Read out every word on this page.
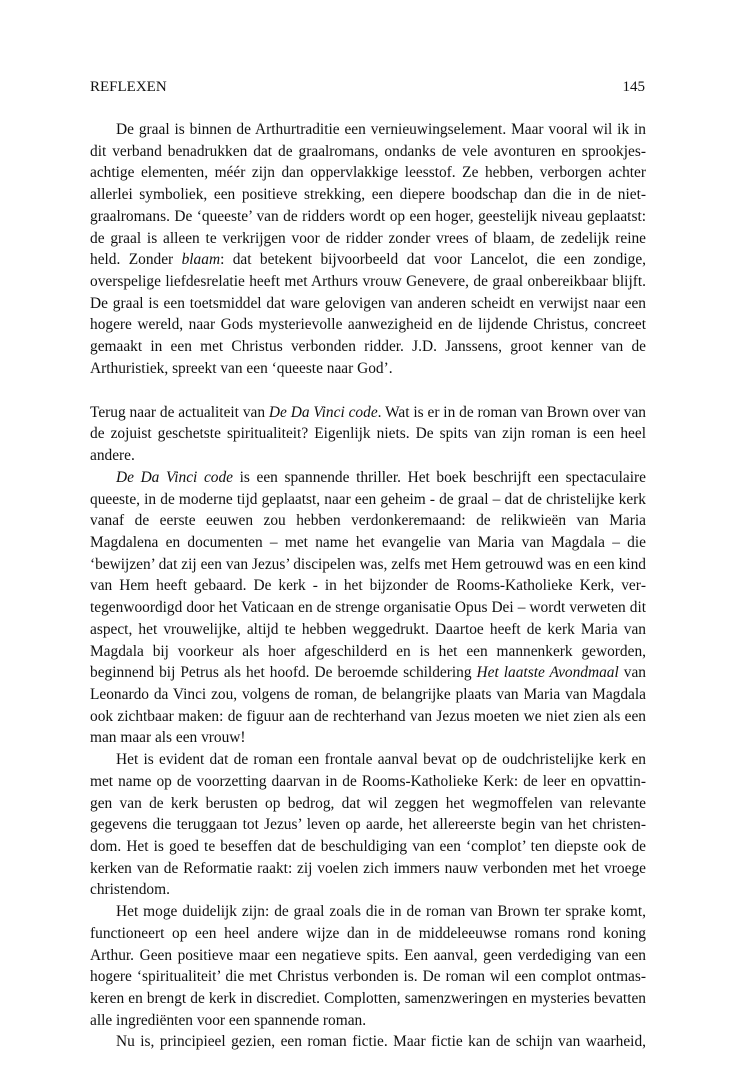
REFLEXEN	145

De graal is binnen de Arthurtraditie een vernieuwingselement. Maar vooral wil ik in dit verband benadrukken dat de graalromans, ondanks de vele avonturen en sprookjesachtige elementen, méér zijn dan oppervlakkige leesstof. Ze hebben, verborgen achter allerlei symboliek, een positieve strekking, een diepere boodschap dan die in de niet-graalromans. De ‘queeste’ van de ridders wordt op een hoger, geestelijk niveau geplaatst: de graal is alleen te verkrijgen voor de ridder zonder vrees of blaam, de zedelijk reine held. Zonder blaam: dat betekent bijvoorbeeld dat voor Lancelot, die een zondige, overspelige liefdesrelatie heeft met Arthurs vrouw Genevere, de graal onbereikbaar blijft. De graal is een toetsmiddel dat ware gelovigen van anderen scheidt en verwijst naar een hogere wereld, naar Gods mysterievolle aanwezigheid en de lijdende Christus, concreet gemaakt in een met Christus verbonden ridder. J.D. Janssens, groot kenner van de Arthuristiek, spreekt van een ‘queeste naar God’.

Terug naar de actualiteit van De Da Vinci code. Wat is er in de roman van Brown over van de zojuist geschetste spiritualiteit? Eigenlijk niets. De spits van zijn roman is een heel andere.

De Da Vinci code is een spannende thriller. Het boek beschrijft een spectaculaire queeste, in de moderne tijd geplaatst, naar een geheim - de graal – dat de christelijke kerk vanaf de eerste eeuwen zou hebben verdonkeremaand: de relikwieën van Maria Magdalena en documenten – met name het evangelie van Maria van Magdala – die ‘bewijzen’ dat zij een van Jezus’ discipelen was, zelfs met Hem getrouwd was en een kind van Hem heeft gebaard. De kerk - in het bijzonder de Rooms-Katholieke Kerk, vertegenwoordigd door het Vaticaan en de strenge organisatie Opus Dei – wordt verweten dit aspect, het vrouwelijke, altijd te hebben weggedrukt. Daartoe heeft de kerk Maria van Magdala bij voorkeur als hoer afgeschilderd en is het een mannenkerk geworden, beginnend bij Petrus als het hoofd. De beroemde schildering Het laatste Avondmaal van Leonardo da Vinci zou, volgens de roman, de belangrijke plaats van Maria van Magdala ook zichtbaar maken: de figuur aan de rechterhand van Jezus moeten we niet zien als een man maar als een vrouw!

Het is evident dat de roman een frontale aanval bevat op de oudchristelijke kerk en met name op de voorzetting daarvan in de Rooms-Katholieke Kerk: de leer en opvattingen van de kerk berusten op bedrog, dat wil zeggen het wegmoffelen van relevante gegevens die teruggaan tot Jezus’ leven op aarde, het allereerste begin van het christendom. Het is goed te beseffen dat de beschuldiging van een ‘complot’ ten diepste ook de kerken van de Reformatie raakt: zij voelen zich immers nauw verbonden met het vroege christendom.

Het moge duidelijk zijn: de graal zoals die in de roman van Brown ter sprake komt, functioneert op een heel andere wijze dan in de middeleeuwse romans rond koning Arthur. Geen positieve maar een negatieve spits. Een aanval, geen verdediging van een hogere ‘spiritualiteit’ die met Christus verbonden is. De roman wil een complot ontmaskeren en brengt de kerk in discrediet. Complotten, samenzweringen en mysteries bevatten alle ingrediënten voor een spannende roman.

Nu is, principieel gezien, een roman fictie. Maar fictie kan de schijn van waarheid,
